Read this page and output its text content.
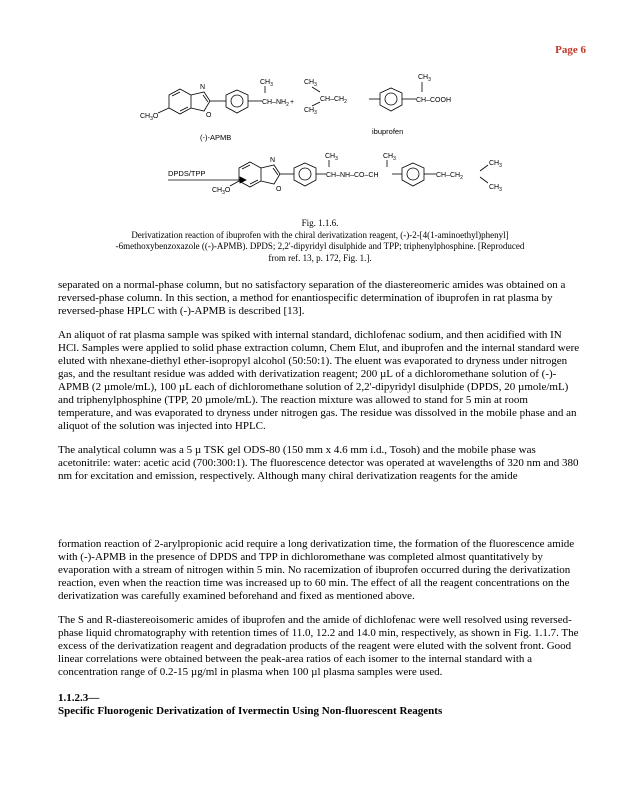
Page 6
N
O
$CH_3O$
$CH_3$
$CH-NH_2$
(-)-APMB
+
$CH_3$
$CH-CH_2$
$CH_3$
$CH_3$
CH–COOH
ibuprofen
DPDS/TPP
N
O
$CH_3O$
$CH_3$
CH–NH–CO–CH
$CH_3$
$CH-CH_2$
$CH_3$
$CH_3$
Fig. 1.1.6.
Derivatization reaction of ibuprofen with the chiral derivatization reagent, (-)-2-[4(1-aminoethyl)phenyl] -6methoxybenzoxazole ((-)-APMB). DPDS; 2,2'-dipyridyl disulphide and TPP; triphenylphosphine. [Reproduced from ref. 13, p. 172, Fig. 1.].

separated on a normal-phase column, but no satisfactory separation of the diastereomeric amides was obtained on a reversed-phase column. In this section, a method for enantiospecific determination of ibuprofen in rat plasma by reversed-phase HPLC with (-)-APMB is described [13].

An aliquot of rat plasma sample was spiked with internal standard, dichlofenac sodium, and then acidified with IN HCl. Samples were applied to solid phase extraction column, Chem Elut, and ibuprofen and the internal standard were eluted with nhexane-diethyl ether-isopropyl alcohol (50:50:1). The eluent was evaporated to dryness under nitrogen gas, and the resultant residue was added with derivatization reagent; 200 µL of a dichloromethane solution of (-)-APMB (2 µmole/mL), 100 µL each of dichloromethane solution of 2,2'-dipyridyl disulphide (DPDS, 20 µmole/mL) and triphenylphosphine (TPP, 20 µmole/mL). The reaction mixture was allowed to stand for 5 min at room temperature, and was evaporated to dryness under nitrogen gas. The residue was dissolved in the mobile phase and an aliquot of the solution was injected into HPLC.

The analytical column was a 5 µ TSK gel ODS-80 (150 mm x 4.6 mm i.d., Tosoh) and the mobile phase was acetonitrile: water: acetic acid (700:300:1). The fluorescence detector was operated at wavelengths of 320 nm and 380 nm for excitation and emission, respectively. Although many chiral derivatization reagents for the amide

formation reaction of 2-arylpropionic acid require a long derivatization time, the formation of the fluorescence amide with (-)-APMB in the presence of DPDS and TPP in dichloromethane was completed almost quantitatively by evaporation with a stream of nitrogen within 5 min. No racemization of ibuprofen occurred during the derivatization reaction, even when the reaction time was increased up to 60 min. The effect of all the reagent concentrations on the derivatization was carefully examined beforehand and fixed as mentioned above.

The S and R-diastereoisomeric amides of ibuprofen and the amide of dichlofenac were well resolved using reversed-phase liquid chromatography with retention times of 11.0, 12.2 and 14.0 min, respectively, as shown in Fig. 1.1.7. The excess of the derivatization reagent and degradation products of the reagent were eluted with the solvent front. Good linear correlations were obtained between the peak-area ratios of each isomer to the internal standard with a concentration range of 0.2-15 µg/ml in plasma when 100 µl plasma samples were used.

1.1.2.3—
Specific Fluorogenic Derivatization of Ivermectin Using Non-fluorescent Reagents
